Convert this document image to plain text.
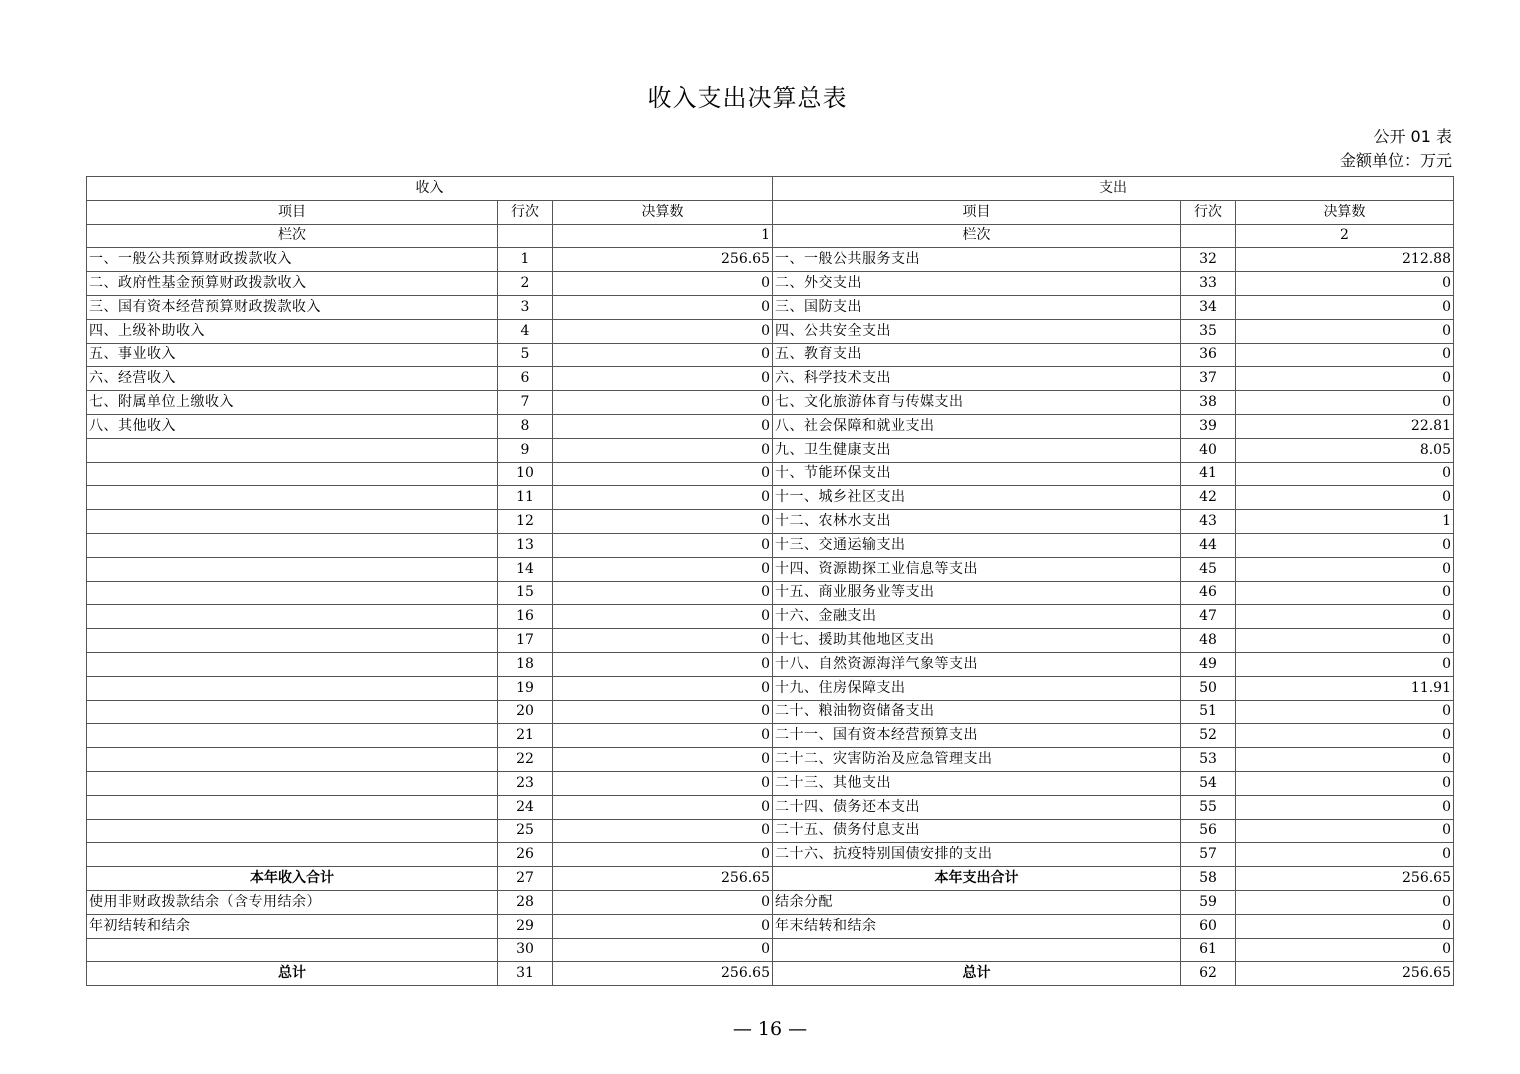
收入支出决算总表
公开 01 表
金额单位：万元
收入			支出		
项目	行次	决算数	项目	行次	决算数
栏次		1	栏次		2
一、一般公共预算财政拨款收入	1	256.65	一、一般公共服务支出	32	212.88
二、政府性基金预算财政拨款收入	2	0	二、外交支出	33	0
三、国有资本经营预算财政拨款收入	3	0	三、国防支出	34	0
四、上级补助收入	4	0	四、公共安全支出	35	0
五、事业收入	5	0	五、教育支出	36	0
六、经营收入	6	0	六、科学技术支出	37	0
七、附属单位上缴收入	7	0	七、文化旅游体育与传媒支出	38	0
八、其他收入	8	0	八、社会保障和就业支出	39	22.81
	9	0	九、卫生健康支出	40	8.05
	10	0	十、节能环保支出	41	0
	11	0	十一、城乡社区支出	42	0
	12	0	十二、农林水支出	43	1
	13	0	十三、交通运输支出	44	0
	14	0	十四、资源勘探工业信息等支出	45	0
	15	0	十五、商业服务业等支出	46	0
	16	0	十六、金融支出	47	0
	17	0	十七、援助其他地区支出	48	0
	18	0	十八、自然资源海洋气象等支出	49	0
	19	0	十九、住房保障支出	50	11.91
	20	0	二十、粮油物资储备支出	51	0
	21	0	二十一、国有资本经营预算支出	52	0
	22	0	二十二、灾害防治及应急管理支出	53	0
	23	0	二十三、其他支出	54	0
	24	0	二十四、债务还本支出	55	0
	25	0	二十五、债务付息支出	56	0
	26	0	二十六、抗疫特别国债安排的支出	57	0
本年收入合计	27	256.65	本年支出合计	58	256.65
使用非财政拨款结余（含专用结余）	28	0	结余分配	59	0
年初结转和结余	29	0	年末结转和结余	60	0
	30	0		61	0
总计	31	256.65	总计	62	256.65
— 16 —
